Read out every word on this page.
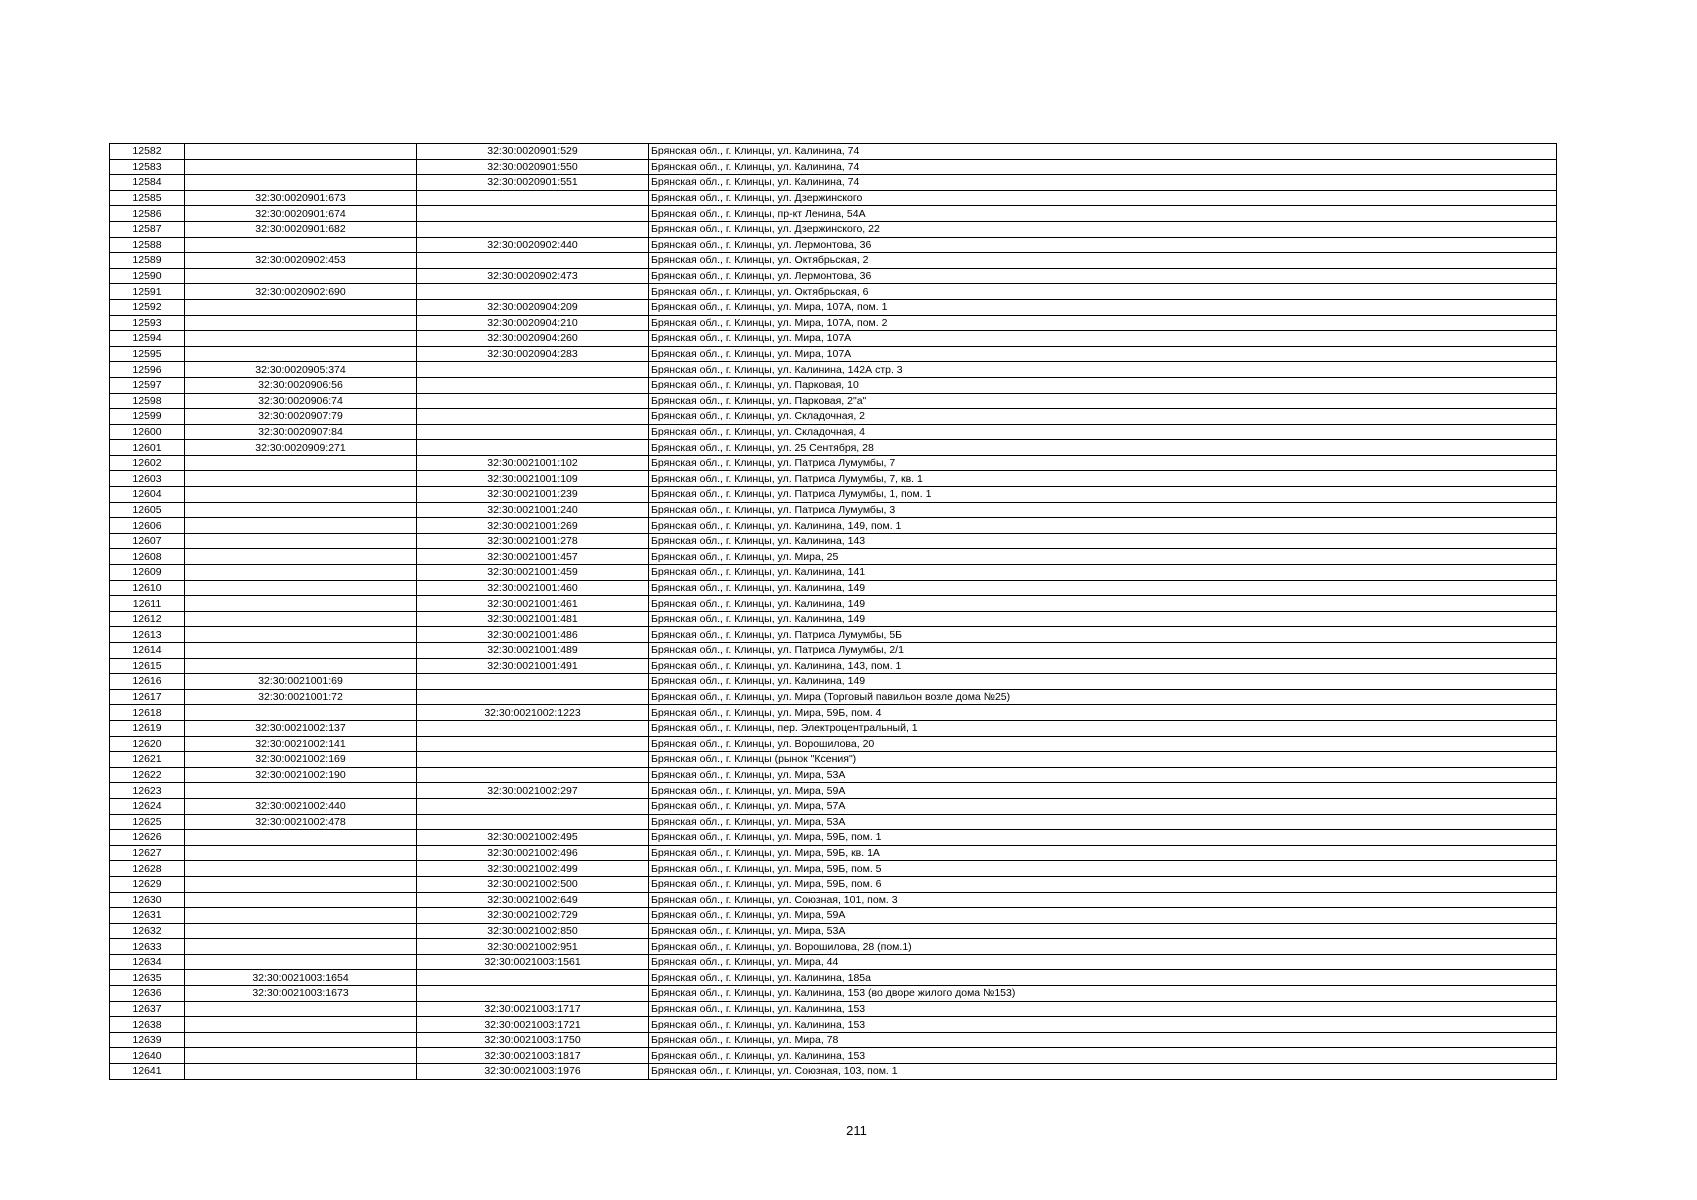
12582		32:30:0020901:529	Брянская обл., г. Клинцы, ул. Калинина, 74
12583		32:30:0020901:550	Брянская обл., г. Клинцы, ул. Калинина, 74
12584		32:30:0020901:551	Брянская обл., г. Клинцы, ул. Калинина, 74
12585	32:30:0020901:673		Брянская обл., г. Клинцы, ул. Дзержинского
12586	32:30:0020901:674		Брянская обл., г. Клинцы, пр-кт Ленина, 54А
12587	32:30:0020901:682		Брянская обл., г. Клинцы, ул. Дзержинского, 22
12588		32:30:0020902:440	Брянская обл., г. Клинцы, ул. Лермонтова, 36
12589	32:30:0020902:453		Брянская обл., г. Клинцы, ул. Октябрьская, 2
12590		32:30:0020902:473	Брянская обл., г. Клинцы, ул. Лермонтова, 36
12591	32:30:0020902:690		Брянская обл., г. Клинцы, ул. Октябрьская, 6
12592		32:30:0020904:209	Брянская обл., г. Клинцы, ул. Мира, 107А, пом. 1
12593		32:30:0020904:210	Брянская обл., г. Клинцы, ул. Мира, 107А, пом. 2
12594		32:30:0020904:260	Брянская обл., г. Клинцы, ул. Мира, 107А
12595		32:30:0020904:283	Брянская обл., г. Клинцы, ул. Мира, 107А
12596	32:30:0020905:374		Брянская обл., г. Клинцы, ул. Калинина, 142А стр. 3
12597	32:30:0020906:56		Брянская обл., г. Клинцы, ул. Парковая, 10
12598	32:30:0020906:74		Брянская обл., г. Клинцы, ул. Парковая, 2"а"
12599	32:30:0020907:79		Брянская обл., г. Клинцы, ул. Складочная, 2
12600	32:30:0020907:84		Брянская обл., г. Клинцы, ул. Складочная, 4
12601	32:30:0020909:271		Брянская обл., г. Клинцы, ул. 25 Сентября, 28
12602		32:30:0021001:102	Брянская обл., г. Клинцы, ул. Патриса Лумумбы, 7
12603		32:30:0021001:109	Брянская обл., г. Клинцы, ул. Патриса Лумумбы, 7, кв. 1
12604		32:30:0021001:239	Брянская обл., г. Клинцы, ул. Патриса Лумумбы, 1, пом. 1
12605		32:30:0021001:240	Брянская обл., г. Клинцы, ул. Патриса Лумумбы, 3
12606		32:30:0021001:269	Брянская обл., г. Клинцы, ул. Калинина, 149, пом. 1
12607		32:30:0021001:278	Брянская обл., г. Клинцы, ул. Калинина, 143
12608		32:30:0021001:457	Брянская обл., г. Клинцы, ул. Мира, 25
12609		32:30:0021001:459	Брянская обл., г. Клинцы, ул. Калинина, 141
12610		32:30:0021001:460	Брянская обл., г. Клинцы, ул. Калинина, 149
12611		32:30:0021001:461	Брянская обл., г. Клинцы, ул. Калинина, 149
12612		32:30:0021001:481	Брянская обл., г. Клинцы, ул. Калинина, 149
12613		32:30:0021001:486	Брянская обл., г. Клинцы, ул. Патриса Лумумбы, 5Б
12614		32:30:0021001:489	Брянская обл., г. Клинцы, ул. Патриса Лумумбы, 2/1
12615		32:30:0021001:491	Брянская обл., г. Клинцы, ул. Калинина, 143, пом. 1
12616	32:30:0021001:69		Брянская обл., г. Клинцы, ул. Калинина, 149
12617	32:30:0021001:72		Брянская обл., г. Клинцы, ул. Мира (Торговый павильон возле дома №25)
12618		32:30:0021002:1223	Брянская обл., г. Клинцы, ул. Мира, 59Б, пом. 4
12619	32:30:0021002:137		Брянская обл., г. Клинцы, пер. Электроцентральный, 1
12620	32:30:0021002:141		Брянская обл., г. Клинцы, ул. Ворошилова, 20
12621	32:30:0021002:169		Брянская обл., г. Клинцы (рынок "Ксения")
12622	32:30:0021002:190		Брянская обл., г. Клинцы, ул. Мира, 53А
12623		32:30:0021002:297	Брянская обл., г. Клинцы, ул. Мира, 59А
12624	32:30:0021002:440		Брянская обл., г. Клинцы, ул. Мира, 57А
12625	32:30:0021002:478		Брянская обл., г. Клинцы, ул. Мира, 53А
12626		32:30:0021002:495	Брянская обл., г. Клинцы, ул. Мира, 59Б, пом. 1
12627		32:30:0021002:496	Брянская обл., г. Клинцы, ул. Мира, 59Б, кв. 1А
12628		32:30:0021002:499	Брянская обл., г. Клинцы, ул. Мира, 59Б, пом. 5
12629		32:30:0021002:500	Брянская обл., г. Клинцы, ул. Мира, 59Б, пом. 6
12630		32:30:0021002:649	Брянская обл., г. Клинцы, ул. Союзная, 101, пом. 3
12631		32:30:0021002:729	Брянская обл., г. Клинцы, ул. Мира, 59А
12632		32:30:0021002:850	Брянская обл., г. Клинцы, ул. Мира, 53А
12633		32:30:0021002:951	Брянская обл., г. Клинцы, ул. Ворошилова, 28 (пом.1)
12634		32:30:0021003:1561	Брянская обл., г. Клинцы, ул. Мира, 44
12635	32:30:0021003:1654		Брянская обл., г. Клинцы, ул. Калинина, 185а
12636	32:30:0021003:1673		Брянская обл., г. Клинцы, ул. Калинина, 153 (во дворе жилого дома №153)
12637		32:30:0021003:1717	Брянская обл., г. Клинцы, ул. Калинина, 153
12638		32:30:0021003:1721	Брянская обл., г. Клинцы, ул. Калинина, 153
12639		32:30:0021003:1750	Брянская обл., г. Клинцы, ул. Мира, 78
12640		32:30:0021003:1817	Брянская обл., г. Клинцы, ул. Калинина, 153
12641		32:30:0021003:1976	Брянская обл., г. Клинцы, ул. Союзная, 103, пом. 1
211
